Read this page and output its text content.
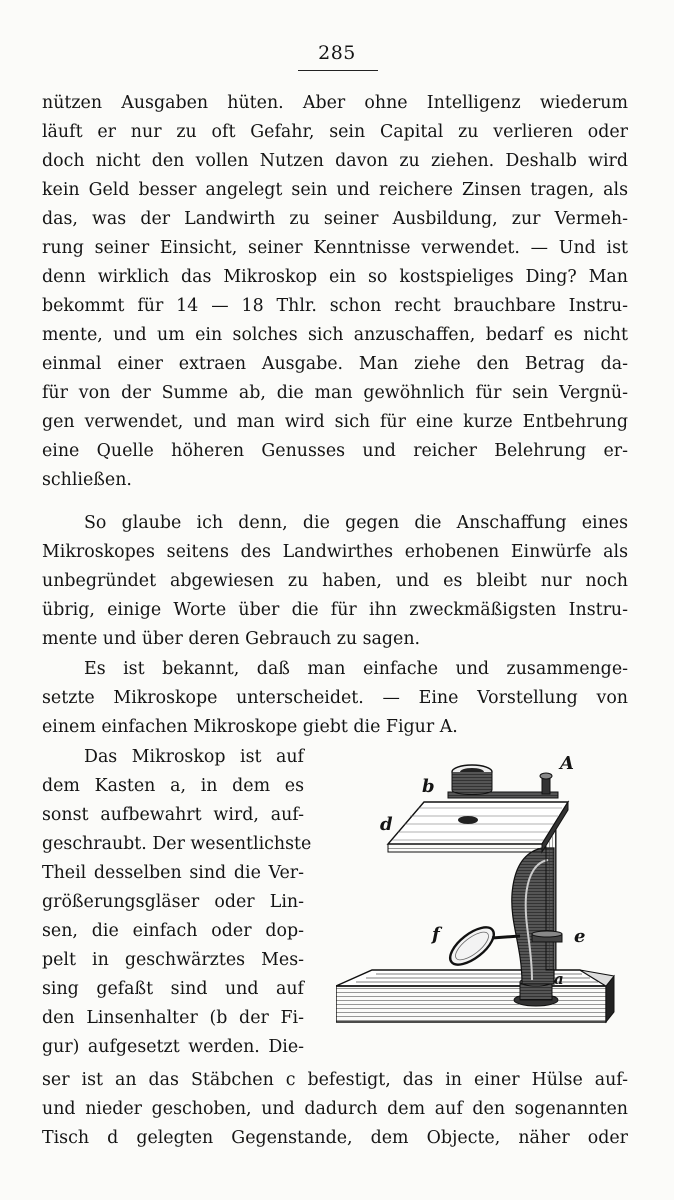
285
nützen Ausgaben hüten. Aber ohne Intelligenz wiederum
läuft er nur zu oft Gefahr, sein Capital zu verlieren oder
doch nicht den vollen Nutzen davon zu ziehen. Deshalb wird
kein Geld besser angelegt sein und reichere Zinsen tragen, als
das, was der Landwirth zu seiner Ausbildung, zur Vermeh-
rung seiner Einsicht, seiner Kenntnisse verwendet. — Und ist
denn wirklich das Mikroskop ein so kostspieliges Ding? Man
bekommt für 14 — 18 Thlr. schon recht brauchbare Instru-
mente, und um ein solches sich anzuschaffen, bedarf es nicht
einmal einer extraen Ausgabe. Man ziehe den Betrag da-
für von der Summe ab, die man gewöhnlich für sein Vergnü-
gen verwendet, und man wird sich für eine kurze Entbehrung
eine Quelle höheren Genusses und reicher Belehrung er-
schließen.
So glaube ich denn, die gegen die Anschaffung eines
Mikroskopes seitens des Landwirthes erhobenen Einwürfe als
unbegründet abgewiesen zu haben, und es bleibt nur noch
übrig, einige Worte über die für ihn zweckmäßigsten Instru-
mente und über deren Gebrauch zu sagen.
Es ist bekannt, daß man einfache und zusammenge-
setzte Mikroskope unterscheidet. — Eine Vorstellung von
einem einfachen Mikroskope giebt die Figur A.
Das Mikroskop ist auf
dem Kasten a, in dem es
sonst aufbewahrt wird, auf-
geschraubt. Der wesentlichste
Theil desselben sind die Ver-
größerungsgläser oder Lin-
sen, die einfach oder dop-
pelt in geschwärztes Mes-
sing gefaßt sind und auf
den Linsenhalter (b der Fi-
gur) aufgesetzt werden. Die-
ser ist an das Stäbchen c befestigt, das in einer Hülse auf-
und nieder geschoben, und dadurch dem auf den sogenannten
Tisch d gelegten Gegenstande, dem Objecte, näher oder
A
b
d
f	e
a
